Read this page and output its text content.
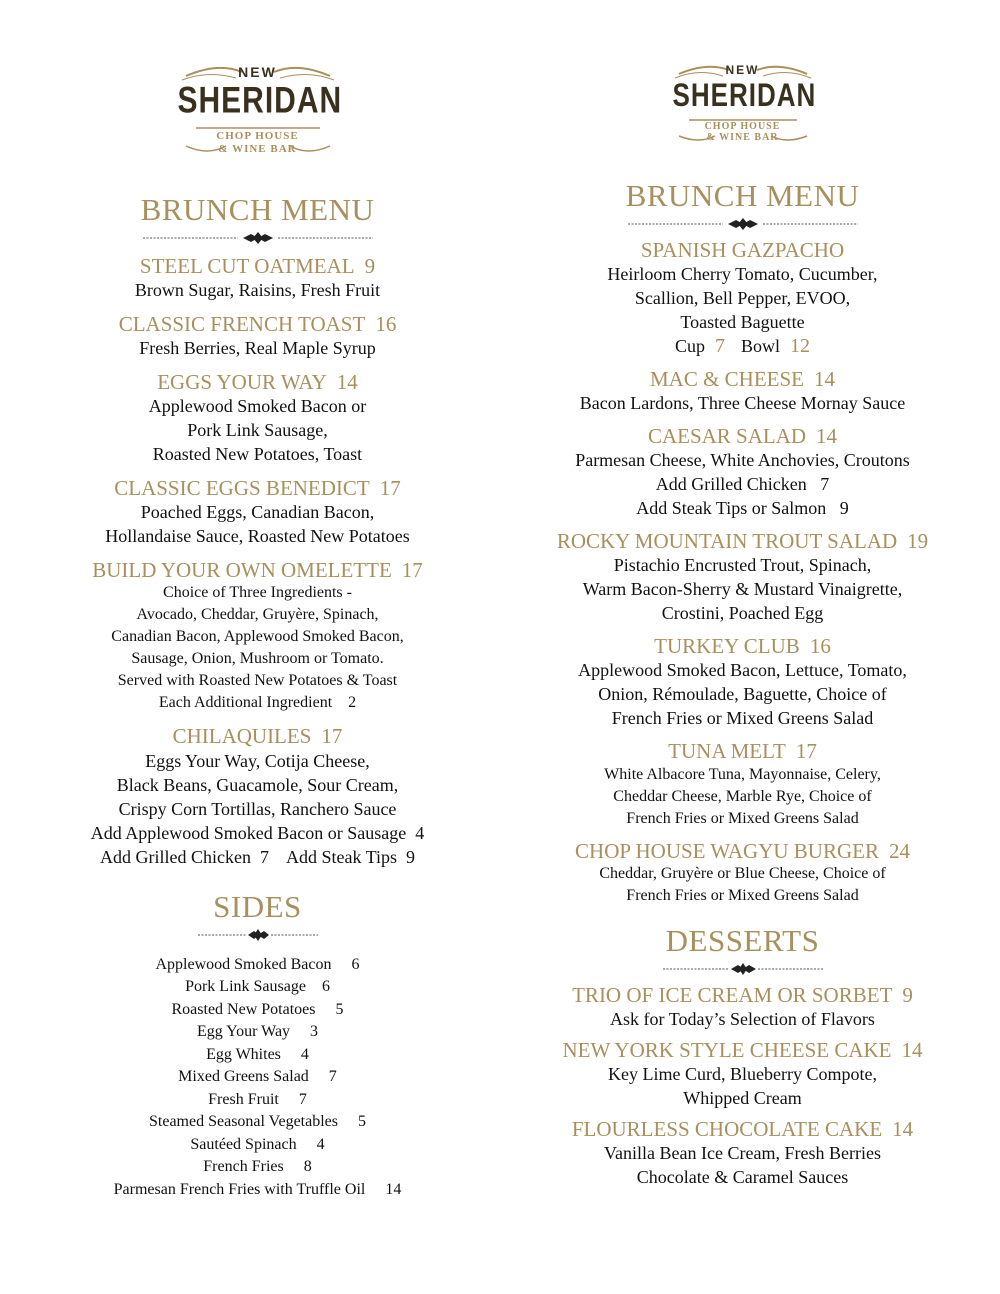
NEW
SHERIDAN
CHOP HOUSE
& WINE BAR
BRUNCH MENU
STEEL CUT OATMEAL 9
Brown Sugar, Raisins, Fresh Fruit
CLASSIC FRENCH TOAST 16
Fresh Berries, Real Maple Syrup
EGGS YOUR WAY 14
Applewood Smoked Bacon or
Pork Link Sausage,
Roasted New Potatoes, Toast
CLASSIC EGGS BENEDICT 17
Poached Eggs, Canadian Bacon,
Hollandaise Sauce, Roasted New Potatoes
BUILD YOUR OWN OMELETTE 17
Choice of Three Ingredients -
Avocado, Cheddar, Gruyère, Spinach,
Canadian Bacon, Applewood Smoked Bacon,
Sausage, Onion, Mushroom or Tomato.
Served with Roasted New Potatoes & Toast
Each Additional Ingredient    2
CHILAQUILES 17
Eggs Your Way, Cotija Cheese,
Black Beans, Guacamole, Sour Cream,
Crispy Corn Tortillas, Ranchero Sauce
Add Applewood Smoked Bacon or Sausage  4
Add Grilled Chicken  7    Add Steak Tips  9
SIDES
Applewood Smoked Bacon     6
Pork Link Sausage    6
Roasted New Potatoes     5
Egg Your Way     3
Egg Whites     4
Mixed Greens Salad     7
Fresh Fruit     7
Steamed Seasonal Vegetables     5
Sautéed Spinach     4
French Fries     8
Parmesan French Fries with Truffle Oil     14
NEW
SHERIDAN
CHOP HOUSE
& WINE BAR
BRUNCH MENU
SPANISH GAZPACHO
Heirloom Cherry Tomato, Cucumber,
Scallion, Bell Pepper, EVOO,
Toasted Baguette
Cup 7 Bowl 12
MAC & CHEESE 14
Bacon Lardons, Three Cheese Mornay Sauce
CAESAR SALAD 14
Parmesan Cheese, White Anchovies, Croutons
Add Grilled Chicken   7
Add Steak Tips or Salmon   9
ROCKY MOUNTAIN TROUT SALAD 19
Pistachio Encrusted Trout, Spinach,
Warm Bacon-Sherry & Mustard Vinaigrette,
Crostini, Poached Egg
TURKEY CLUB 16
Applewood Smoked Bacon, Lettuce, Tomato,
Onion, Rémoulade, Baguette, Choice of
French Fries or Mixed Greens Salad
TUNA MELT 17
White Albacore Tuna, Mayonnaise, Celery,
Cheddar Cheese, Marble Rye, Choice of
French Fries or Mixed Greens Salad
CHOP HOUSE WAGYU BURGER 24
Cheddar, Gruyère or Blue Cheese, Choice of
French Fries or Mixed Greens Salad
DESSERTS
TRIO OF ICE CREAM OR SORBET 9
Ask for Today’s Selection of Flavors
NEW YORK STYLE CHEESE CAKE 14
Key Lime Curd, Blueberry Compote,
Whipped Cream
FLOURLESS CHOCOLATE CAKE 14
Vanilla Bean Ice Cream, Fresh Berries
Chocolate & Caramel Sauces
